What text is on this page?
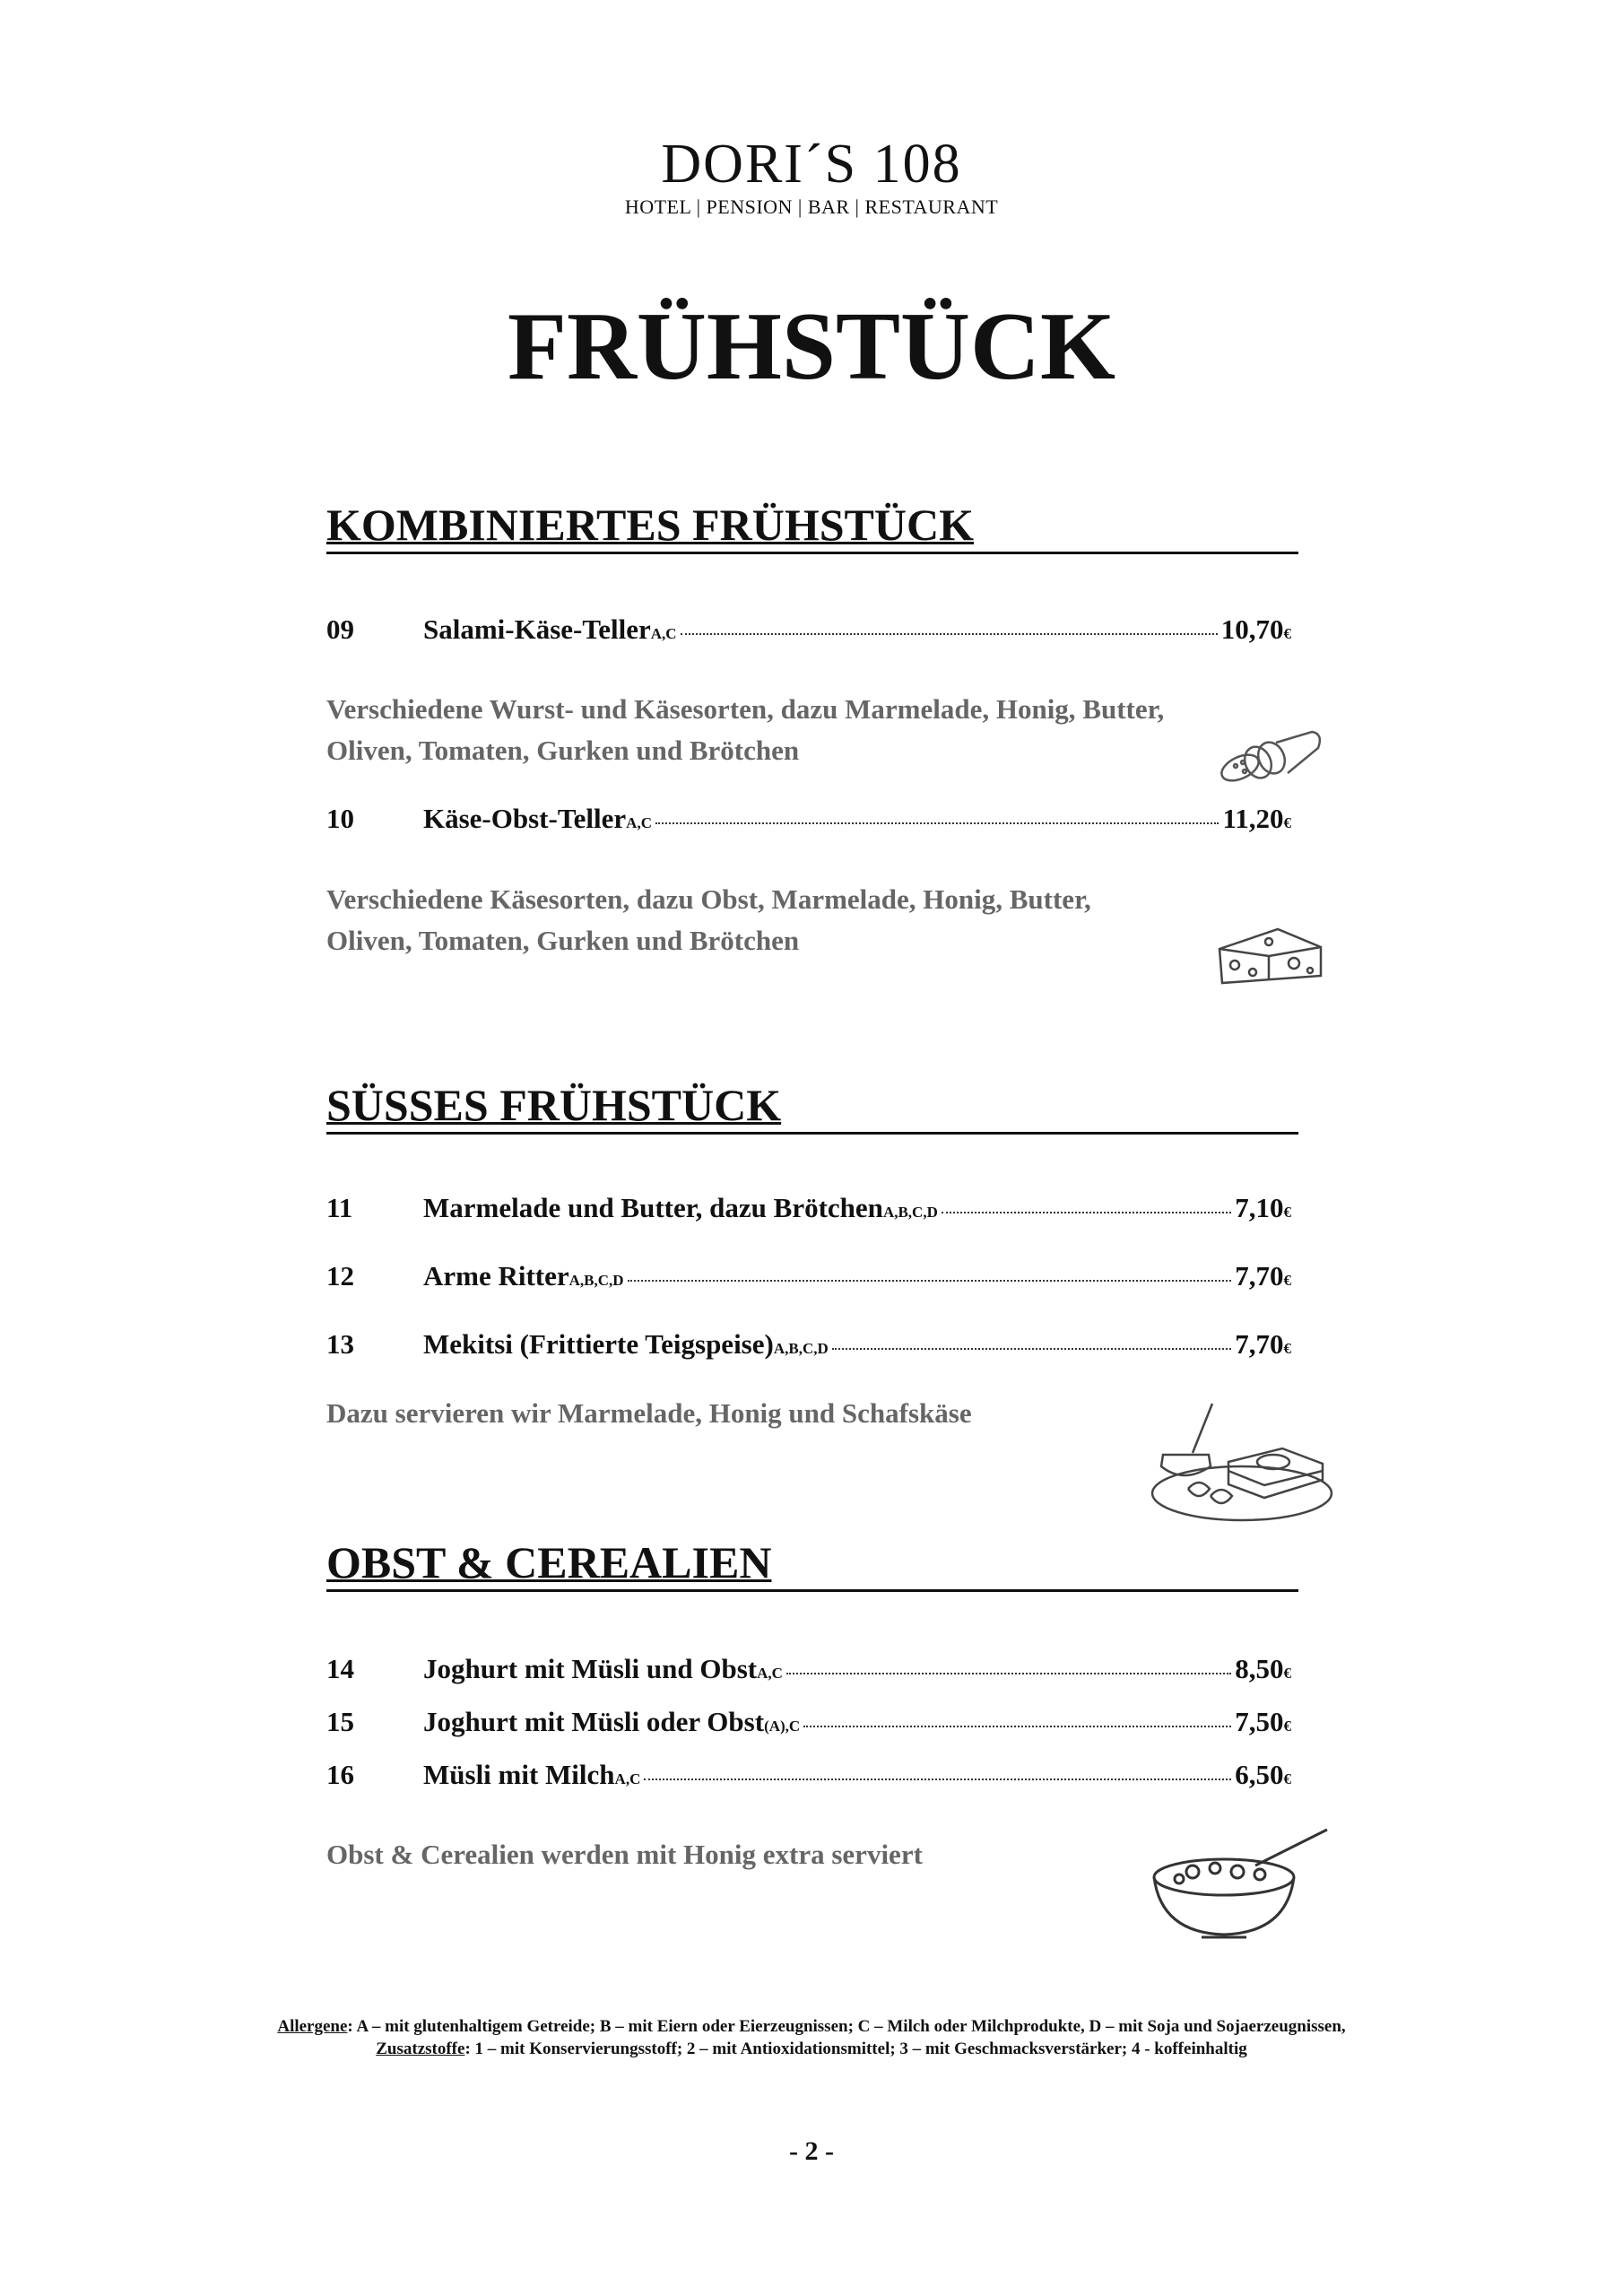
DORI´S 108
HOTEL | PENSION | BAR | RESTAURANT
FRÜHSTÜCK
KOMBINIERTES FRÜHSTÜCK
09	Salami-Käse-Teller A,C	10,70 €
Verschiedene Wurst- und Käsesorten, dazu Marmelade, Honig, Butter,
Oliven, Tomaten, Gurken und Brötchen
10	Käse-Obst-Teller A,C	11,20 €
Verschiedene Käsesorten, dazu Obst, Marmelade, Honig, Butter,
Oliven, Tomaten, Gurken und Brötchen
SÜSSES FRÜHSTÜCK
11	Marmelade und Butter, dazu Brötchen A,B,C,D	7,10 €
12	Arme Ritter A,B,C,D	7,70 €
13	Mekitsi (Frittierte Teigspeise) A,B,C,D	7,70 €
Dazu servieren wir Marmelade, Honig und Schafskäse
OBST & CEREALIEN
14	Joghurt mit Müsli und Obst A,C	8,50 €
15	Joghurt mit Müsli oder Obst (A),C	7,50 €
16	Müsli mit Milch A,C	6,50 €
Obst & Cerealien werden mit Honig extra serviert
Allergene: A – mit glutenhaltigem Getreide; B – mit Eiern oder Eierzeugnissen; C – Milch oder Milchprodukte, D – mit Soja und Sojaerzeugnissen,
Zusatzstoffe: 1 – mit Konservierungsstoff; 2 – mit Antioxidationsmittel; 3 – mit Geschmacksverstärker; 4 - koffeinhaltig
- 2 -
